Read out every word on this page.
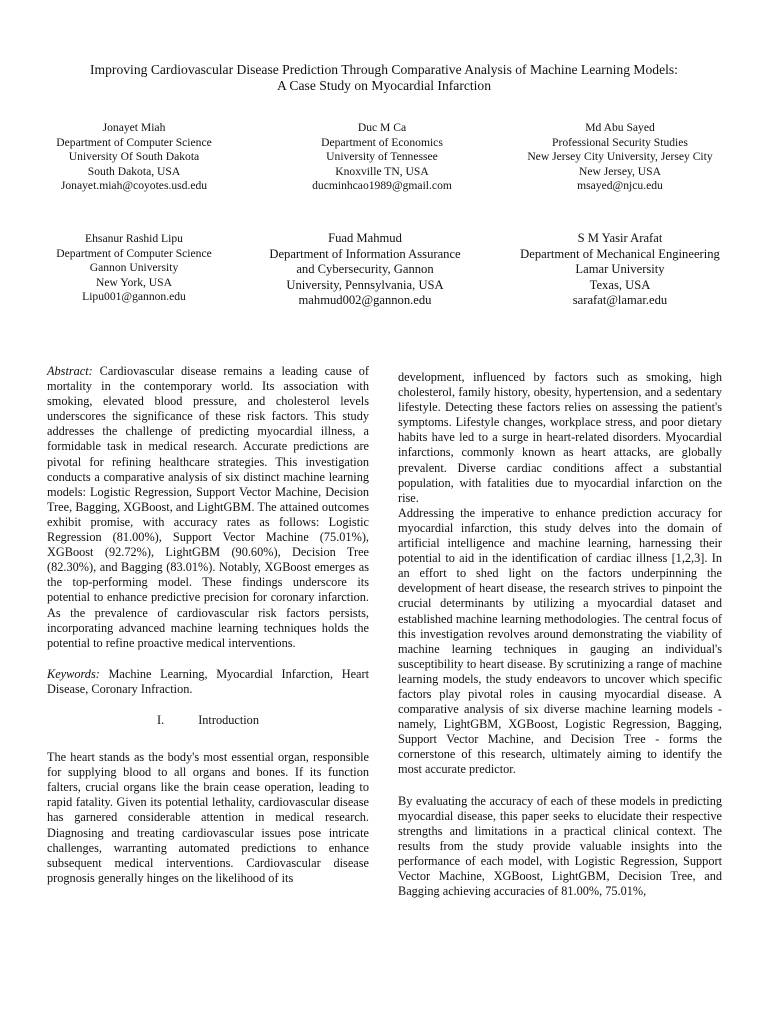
Improving Cardiovascular Disease Prediction Through Comparative Analysis of Machine Learning Models:
A Case Study on Myocardial Infarction
Jonayet Miah
Department of Computer Science
University Of South Dakota
South Dakota, USA
Jonayet.miah@coyotes.usd.edu
Duc M Ca
Department of Economics
University of Tennessee
Knoxville TN, USA
ducminhcao1989@gmail.com
Md Abu Sayed
Professional Security Studies
New Jersey City University, Jersey City
New Jersey, USA
msayed@njcu.edu
Ehsanur Rashid Lipu
Department of Computer Science
Gannon University
New York, USA
Lipu001@gannon.edu
Fuad Mahmud
Department of Information Assurance
and Cybersecurity, Gannon
University, Pennsylvania, USA
mahmud002@gannon.edu
S M Yasir Arafat
Department of Mechanical Engineering
Lamar University
Texas, USA
sarafat@lamar.edu

Abstract: Cardiovascular disease remains a leading cause of mortality in the contemporary world. Its association with smoking, elevated blood pressure, and cholesterol levels underscores the significance of these risk factors. This study addresses the challenge of predicting myocardial illness, a formidable task in medical research. Accurate predictions are pivotal for refining healthcare strategies. This investigation conducts a comparative analysis of six distinct machine learning models: Logistic Regression, Support Vector Machine, Decision Tree, Bagging, XGBoost, and LightGBM. The attained outcomes exhibit promise, with accuracy rates as follows: Logistic Regression (81.00%), Support Vector Machine (75.01%), XGBoost (92.72%), LightGBM (90.60%), Decision Tree (82.30%), and Bagging (83.01%). Notably, XGBoost emerges as the top-performing model. These findings underscore its potential to enhance predictive precision for coronary infarction. As the prevalence of cardiovascular risk factors persists, incorporating advanced machine learning techniques holds the potential to refine proactive medical interventions.

Keywords: Machine Learning, Myocardial Infarction, Heart Disease, Coronary Infraction.

I.	Introduction

The heart stands as the body's most essential organ, responsible for supplying blood to all organs and bones. If its function falters, crucial organs like the brain cease operation, leading to rapid fatality. Given its potential lethality, cardiovascular disease has garnered considerable attention in medical research. Diagnosing and treating cardiovascular issues pose intricate challenges, warranting automated predictions to enhance subsequent medical interventions. Cardiovascular disease prognosis generally hinges on the likelihood of its

development, influenced by factors such as smoking, high cholesterol, family history, obesity, hypertension, and a sedentary lifestyle. Detecting these factors relies on assessing the patient's symptoms. Lifestyle changes, workplace stress, and poor dietary habits have led to a surge in heart-related disorders. Myocardial infarctions, commonly known as heart attacks, are globally prevalent. Diverse cardiac conditions affect a substantial population, with fatalities due to myocardial infarction on the rise.

Addressing the imperative to enhance prediction accuracy for myocardial infarction, this study delves into the domain of artificial intelligence and machine learning, harnessing their potential to aid in the identification of cardiac illness [1,2,3]. In an effort to shed light on the factors underpinning the development of heart disease, the research strives to pinpoint the crucial determinants by utilizing a myocardial dataset and established machine learning methodologies. The central focus of this investigation revolves around demonstrating the viability of machine learning techniques in gauging an individual's susceptibility to heart disease. By scrutinizing a range of machine learning models, the study endeavors to uncover which specific factors play pivotal roles in causing myocardial disease. A comparative analysis of six diverse machine learning models - namely, LightGBM, XGBoost, Logistic Regression, Bagging, Support Vector Machine, and Decision Tree - forms the cornerstone of this research, ultimately aiming to identify the most accurate predictor.

By evaluating the accuracy of each of these models in predicting myocardial disease, this paper seeks to elucidate their respective strengths and limitations in a practical clinical context. The results from the study provide valuable insights into the performance of each model, with Logistic Regression, Support Vector Machine, XGBoost, LightGBM, Decision Tree, and Bagging achieving accuracies of 81.00%, 75.01%,
